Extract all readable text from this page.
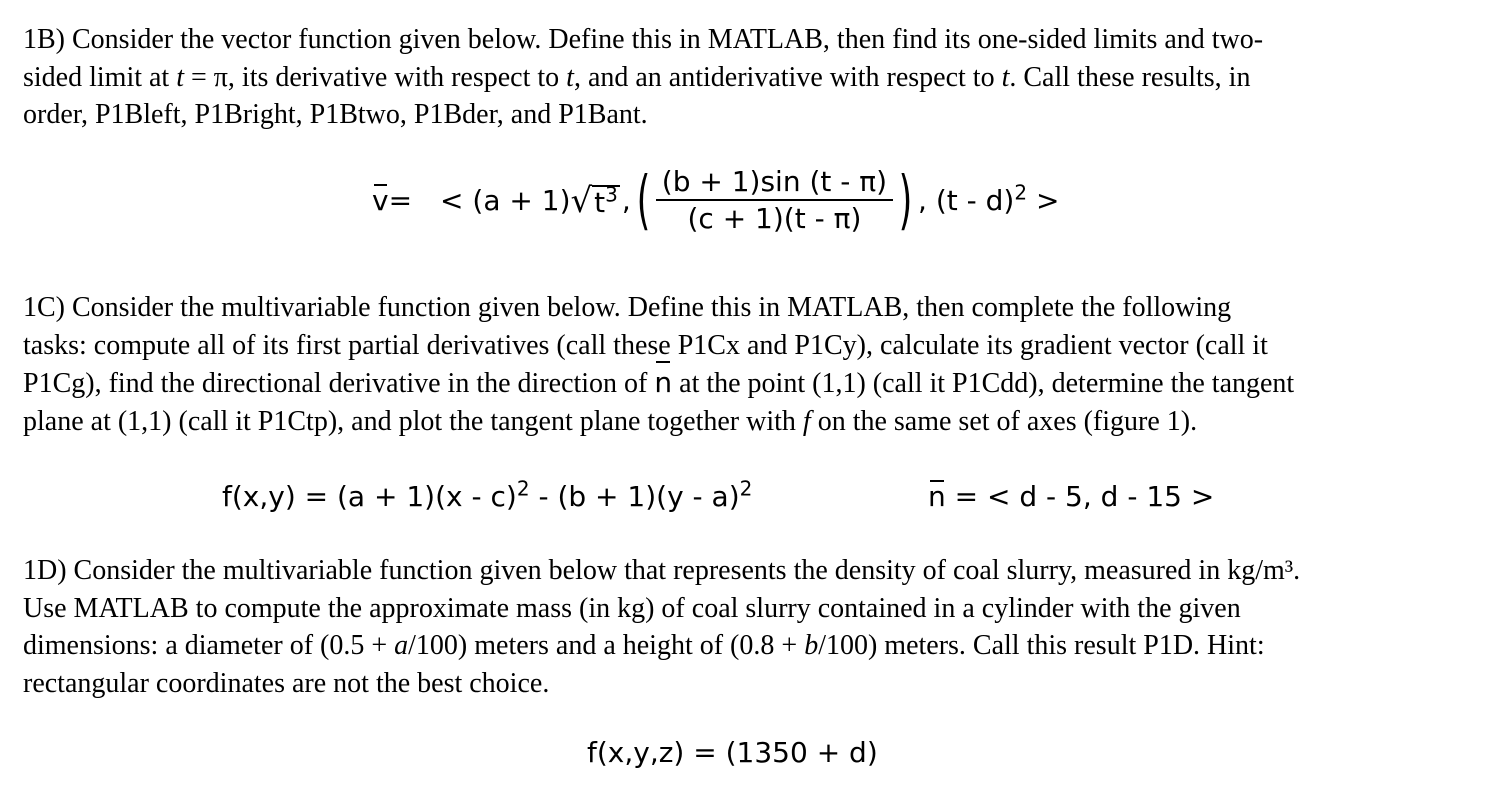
1B) Consider the vector function given below. Define this in MATLAB, then find its one-sided limits and two-
sided limit at t = π, its derivative with respect to t, and an antiderivative with respect to t. Call these results, in
order, P1Bleft, P1Bright, P1Btwo, P1Bder, and P1Bant.
v = < (a + 1) √ $t^3$ , ( $\frac{(b + 1)\sin (t - \pi)}{(c + 1)(t - \pi)}$ ) , (t - d)$^2$ >
1C) Consider the multivariable function given below. Define this in MATLAB, then complete the following
tasks: compute all of its first partial derivatives (call these P1Cx and P1Cy), calculate its gradient vector (call it
P1Cg), find the directional derivative in the direction of n at the point (1,1) (call it P1Cdd), determine the tangent
plane at (1,1) (call it P1Ctp), and plot the tangent plane together with f on the same set of axes (figure 1).
f(x,y) = (a + 1)(x - c)$^2$ - (b + 1)(y - a)$^2$	n = < d - 5, d - 15 >
1D) Consider the multivariable function given below that represents the density of coal slurry, measured in kg/m³.
Use MATLAB to compute the approximate mass (in kg) of coal slurry contained in a cylinder with the given
dimensions: a diameter of (0.5 + a/100) meters and a height of (0.8 + b/100) meters. Call this result P1D. Hint:
rectangular coordinates are not the best choice.
f(x,y,z) = (1350 + d)
